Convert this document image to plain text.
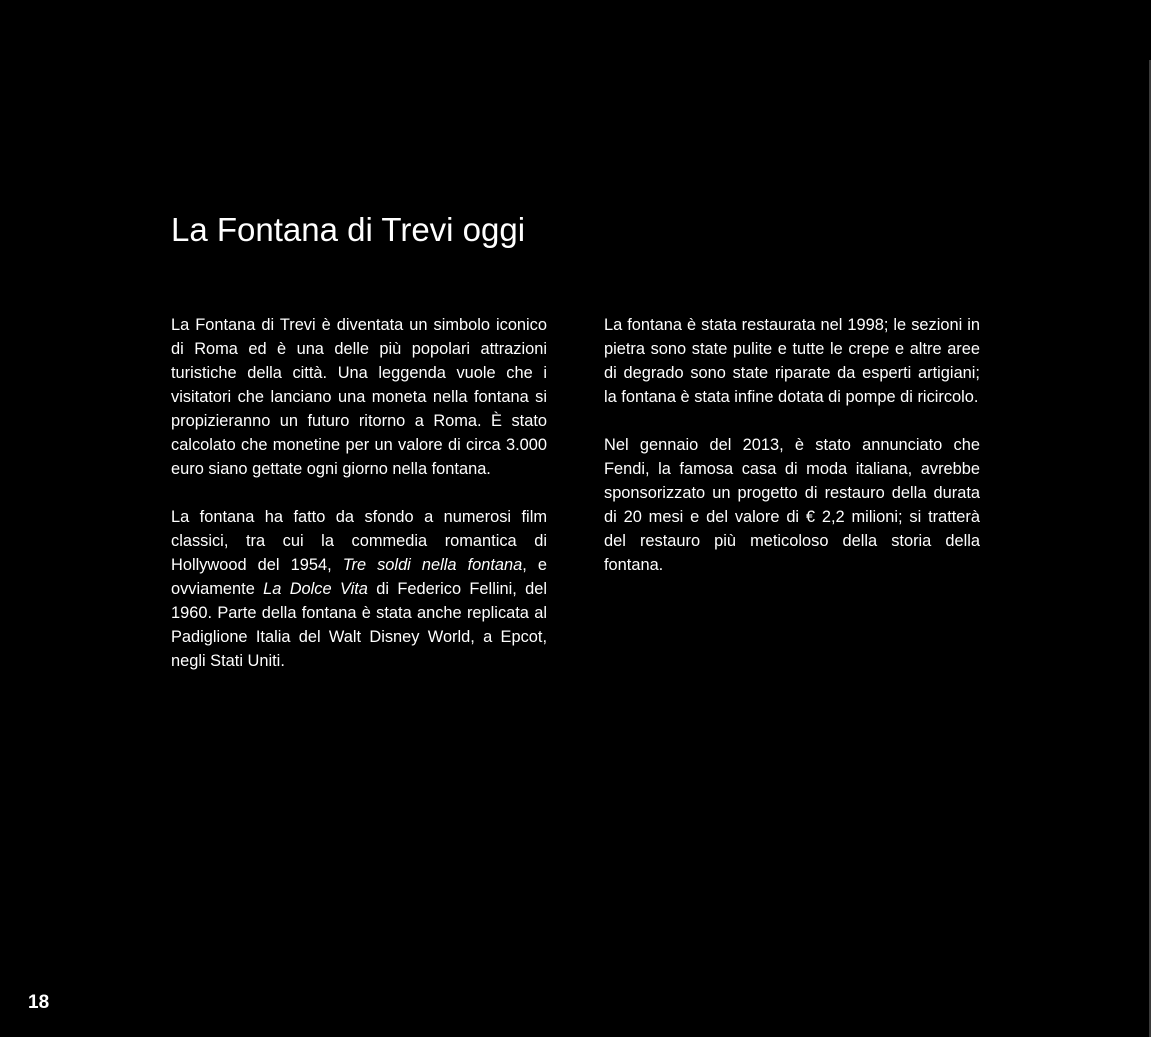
La Fontana di Trevi oggi

La Fontana di Trevi è diventata un simbolo iconico di Roma ed è una delle più popolari attrazioni turistiche della città. Una leggenda vuole che i visitatori che lanciano una moneta nella fontana si propizieranno un futuro ritorno a Roma. È stato calcolato che monetine per un valore di circa 3.000 euro siano gettate ogni giorno nella fontana.

La fontana ha fatto da sfondo a numerosi film classici, tra cui la commedia romantica di Hollywood del 1954, Tre soldi nella fontana, e ovviamente La Dolce Vita di Federico Fellini, del 1960. Parte della fontana è stata anche replicata al Padiglione Italia del Walt Disney World, a Epcot, negli Stati Uniti.

La fontana è stata restaurata nel 1998; le sezioni in pietra sono state pulite e tutte le crepe e altre aree di degrado sono state riparate da esperti artigiani; la fontana è stata infine dotata di pompe di ricircolo.

Nel gennaio del 2013, è stato annunciato che Fendi, la famosa casa di moda italiana, avrebbe sponsorizzato un progetto di restauro della durata di 20 mesi e del valore di € 2,2 milioni; si tratterà del restauro più meticoloso della storia della fontana.

18
